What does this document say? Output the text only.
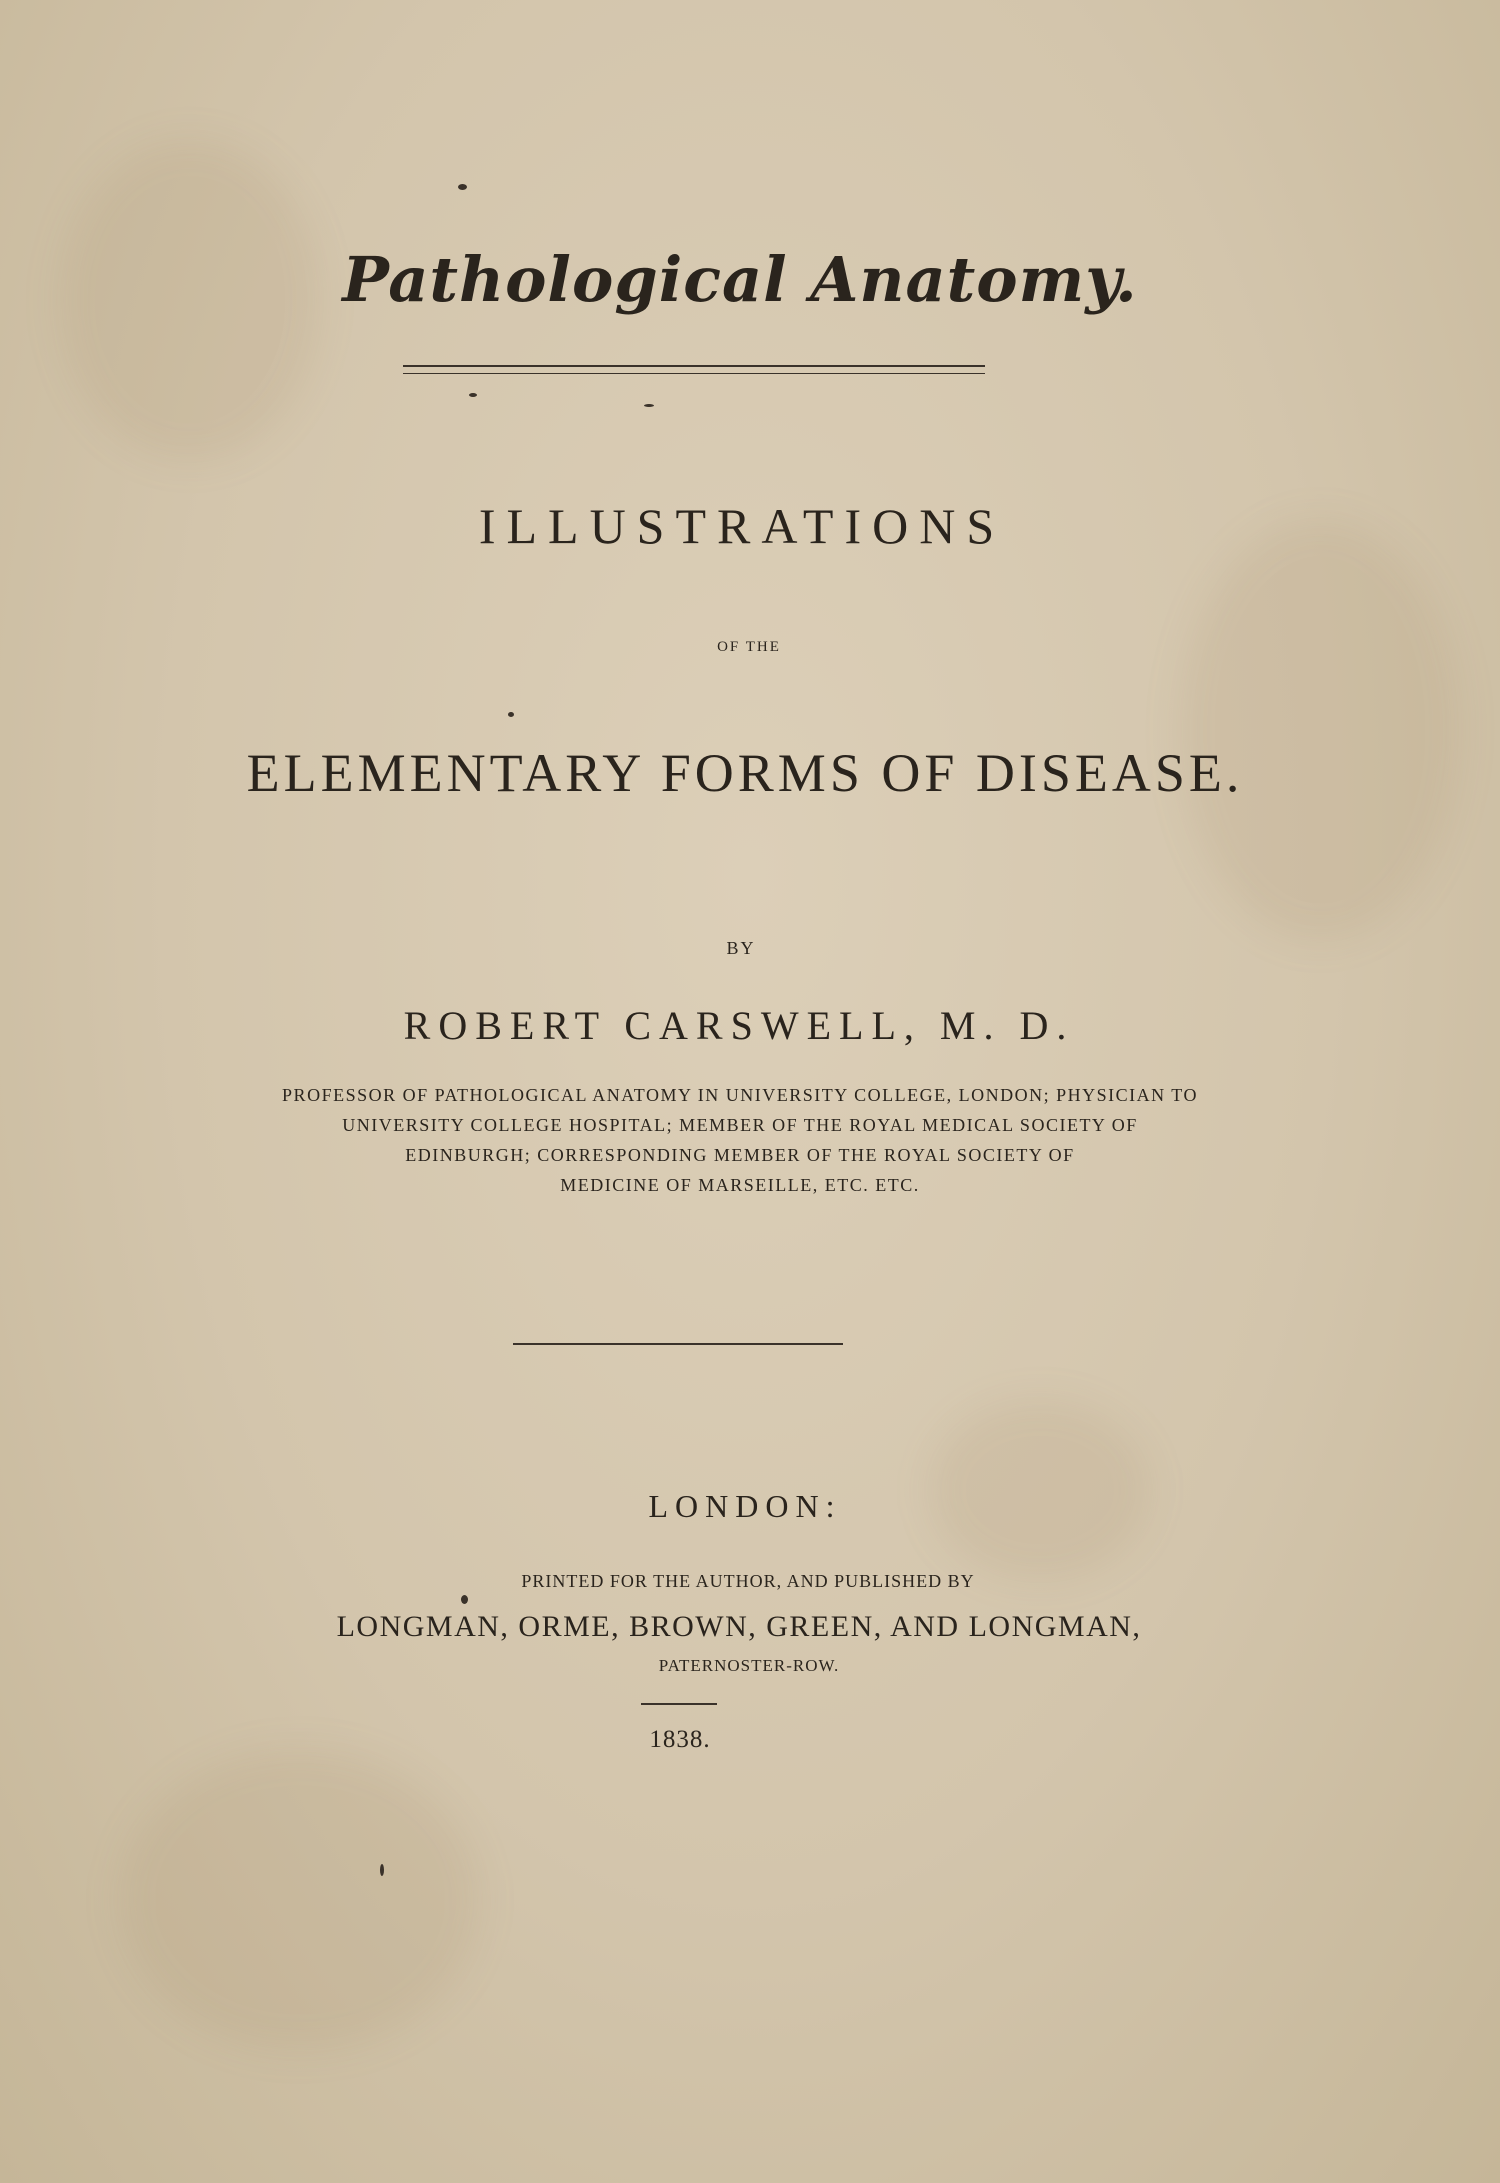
Pathological Anatomy.
ILLUSTRATIONS
OF THE
ELEMENTARY FORMS OF DISEASE.
BY
ROBERT CARSWELL, M. D.
PROFESSOR OF PATHOLOGICAL ANATOMY IN UNIVERSITY COLLEGE, LONDON; PHYSICIAN TO
UNIVERSITY COLLEGE HOSPITAL; MEMBER OF THE ROYAL MEDICAL SOCIETY OF
EDINBURGH; CORRESPONDING MEMBER OF THE ROYAL SOCIETY OF
MEDICINE OF MARSEILLE, ETC. ETC.
LONDON:
PRINTED FOR THE AUTHOR, AND PUBLISHED BY
LONGMAN, ORME, BROWN, GREEN, AND LONGMAN,
PATERNOSTER-ROW.
1838.
